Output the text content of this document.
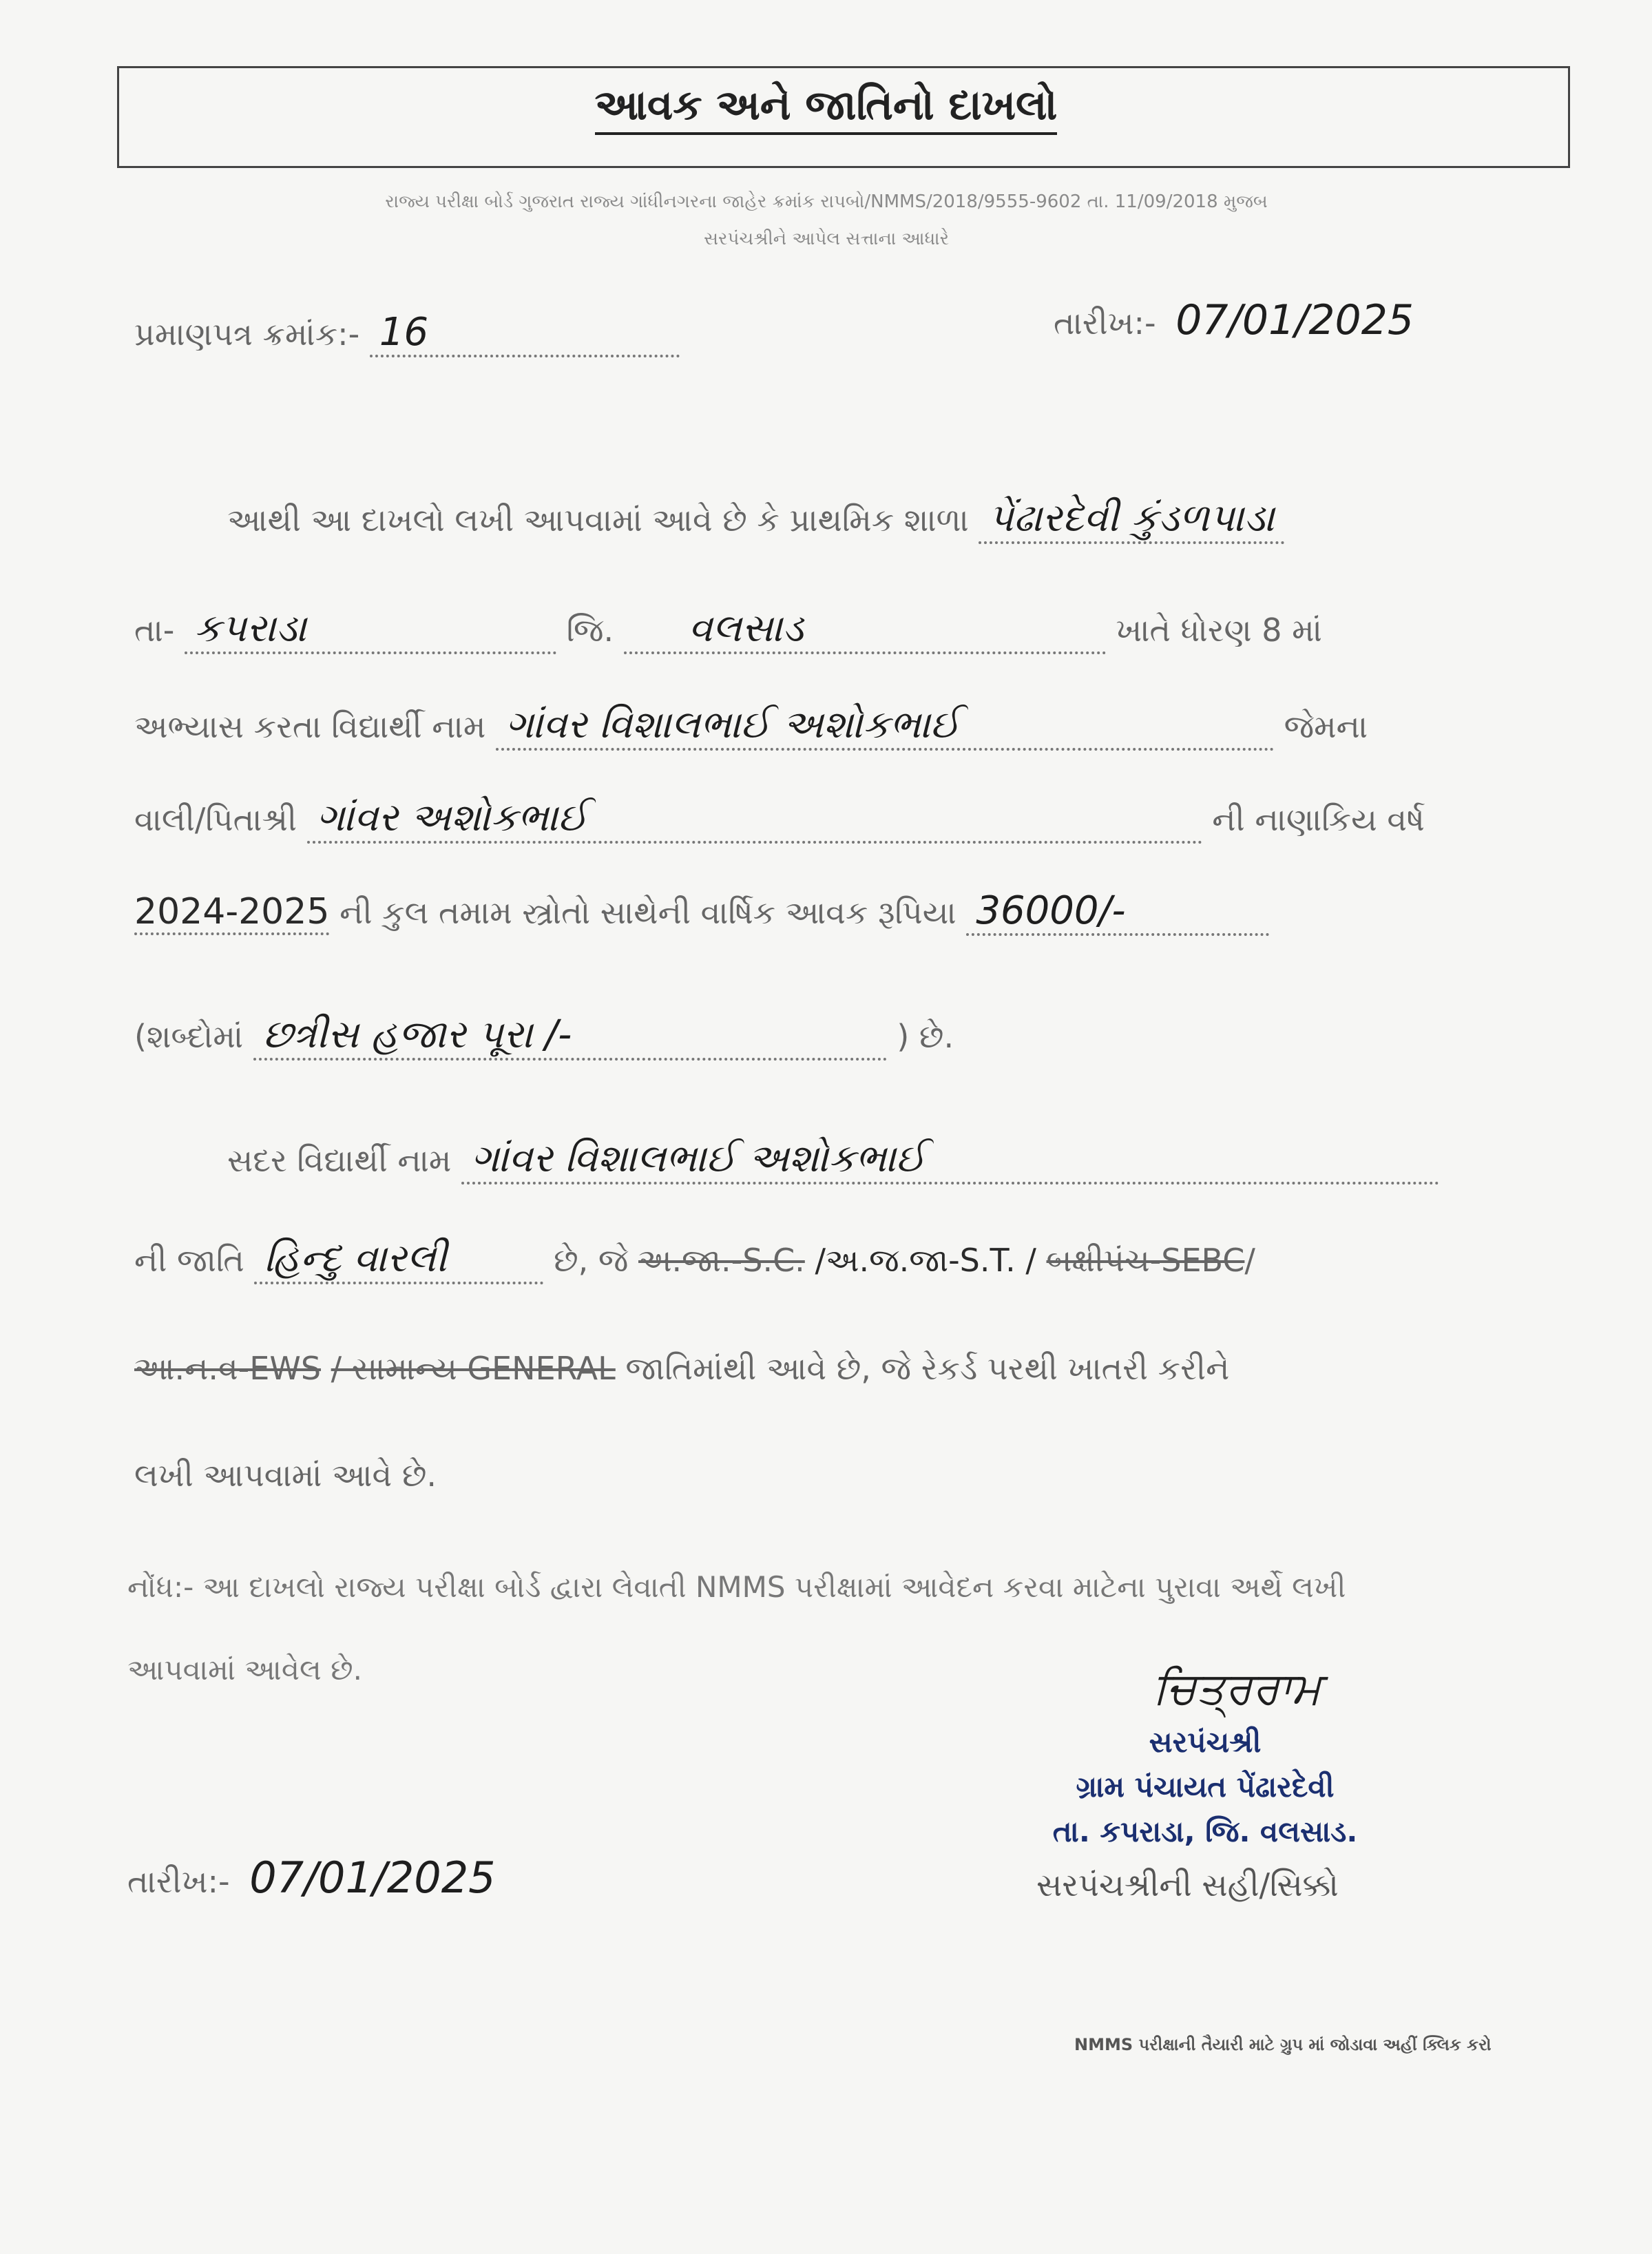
આવક અને જાતિનો દાખલો
રાજ્ય પરીક્ષા બોર્ડ ગુજરાત રાજ્ય ગાંધીનગરના જાહેર ક્રમાંક રાપબો/NMMS/2018/9555-9602 તા. 11/09/2018 મુજબ
સરપંચશ્રીને આપેલ સત્તાના આધારે
પ્રમાણપત્ર ક્રમાંક:- 16	તારીખ:- 07/01/2025
આથી આ દાખલો લખી આપવામાં આવે છે કે પ્રાથમિક શાળા પેંઢારદેવી કુંડળપાડા
તા- કપરાડા	જિ. વલસાડ	ખાતે ધોરણ 8 માં
અભ્યાસ કરતા વિદ્યાર્થી નામ ગાંવર વિશાલભાઈ અશોકભાઈ	જેમના
વાલી/પિતાશ્રી ગાંવર અશોકભાઈ	ની નાણાકિય વર્ષ
2024-2025 ની કુલ તમામ સ્ત્રોતો સાથેની વાર્ષિક આવક રૂપિયા 36000/-
(શબ્દોમાં છત્રીસ હજાર પૂરા /-	) છે.
સદર વિદ્યાર્થી નામ ગાંવર વિશાલભાઈ અશોકભાઈ
ની જાતિ હિન્દુ વારલી	છે, જે અ.જા.-S.C. /અ.જ.જા-S.T. / બક્ષીપંચ-SEBC/
આ.ન.વ-EWS / સામાન્ય GENERAL જાતિમાંથી આવે છે, જે રેકર્ડ પરથી ખાતરી કરીને
લખી આપવામાં આવે છે.
નોંધ:- આ દાખલો રાજ્ય પરીક્ષા બોર્ડ દ્વારા લેવાતી NMMS પરીક્ષામાં આવેદન કરવા માટેના પુરાવા અર્થે લખી
આપવામાં આવેલ છે.
તારીખ:- 07/01/2025
ਚਿਤ੍ਰਰਾਮ
સરપંચશ્રી
ગ્રામ પંચાયત પેંઢારદેવી
તા. કપરાડા, જિ. વલસાડ.
સરપંચશ્રીની સહી/સિક્કો
NMMS પરીક્ષાની તૈયારી માટે ગ્રુપ માં જોડાવા અહીં ક્લિક કરો
